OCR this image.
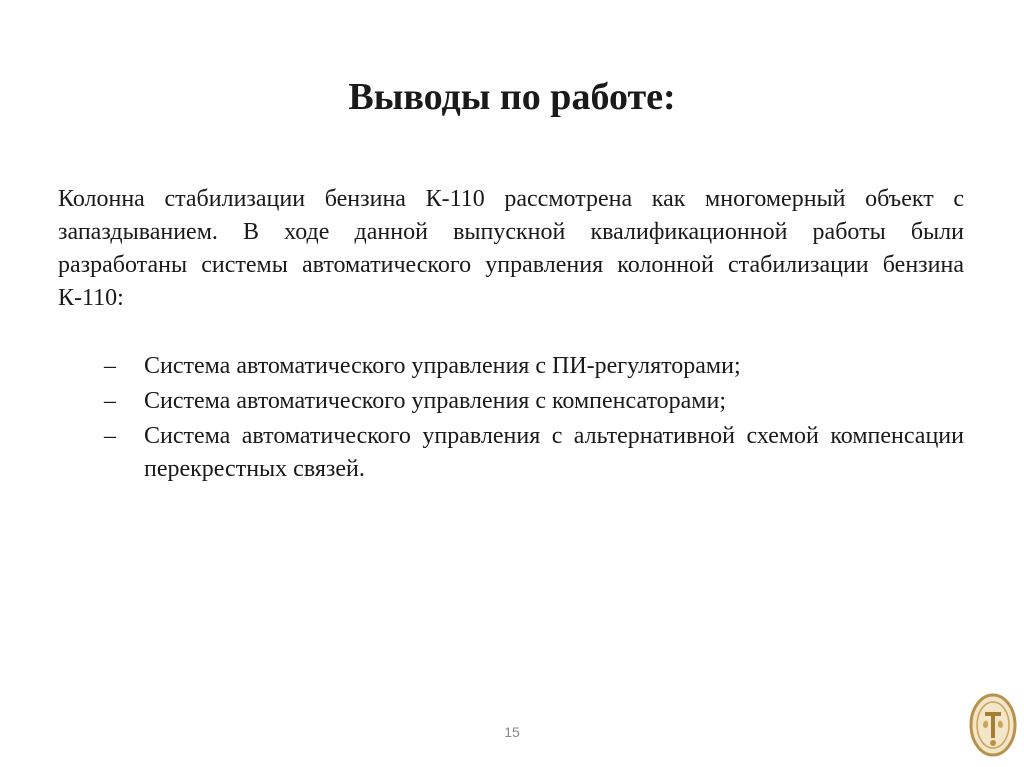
Выводы по работе:

Колонна стабилизации бензина К-110 рассмотрена как многомерный объект с запаздыванием. В ходе данной выпускной квалификационной работы были разработаны системы автоматического управления колонной стабилизации бензина К-110:

– Система автоматического управления с ПИ-регуляторами;
– Система автоматического управления с компенсаторами;
– Система автоматического управления с альтернативной схемой компенсации перекрестных связей.
15
